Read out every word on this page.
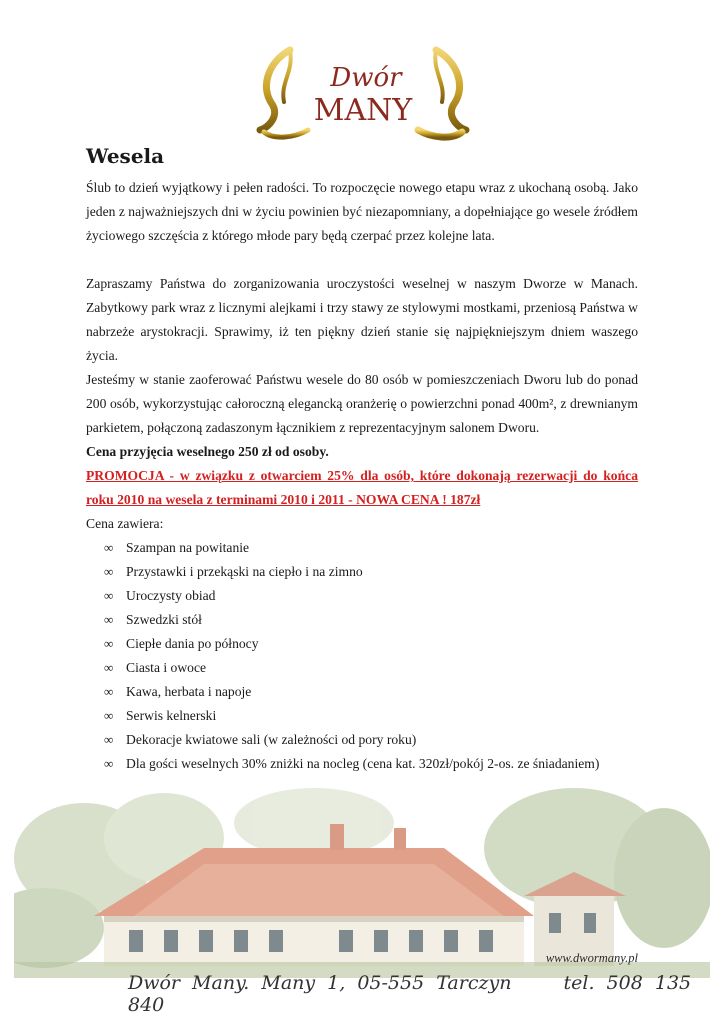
Dwór
MANY
Wesela

Ślub to dzień wyjątkowy i pełen radości. To rozpoczęcie nowego etapu wraz z ukochaną osobą. Jako jeden z najważniejszych dni w życiu powinien być niezapomniany, a dopełniające go wesele źródłem życiowego szczęścia z którego młode pary będą czerpać przez kolejne lata.

Zapraszamy Państwa do zorganizowania uroczystości weselnej w naszym Dworze w Manach. Zabytkowy park wraz z licznymi alejkami i trzy stawy ze stylowymi mostkami, przeniosą Państwa w nabrzeże arystokracji. Sprawimy, iż ten piękny dzień stanie się najpiękniejszym dniem waszego życia.

Jesteśmy w stanie zaoferować Państwu wesele do 80 osób w pomieszczeniach Dworu lub do ponad 200 osób, wykorzystując całoroczną elegancką oranżerię o powierzchni ponad 400m², z drewnianym parkietem, połączoną zadaszonym łącznikiem z reprezentacyjnym salonem Dworu.

Cena przyjęcia weselnego 250 zł od osoby.

PROMOCJA - w związku z otwarciem 25% dla osób, które dokonają rezerwacji do końca roku 2010 na wesela z terminami 2010 i 2011 - NOWA CENA ! 187zł

Cena zawiera:

∞ Szampan na powitanie
∞ Przystawki i przekąski na ciepło i na zimno
∞ Uroczysty obiad
∞ Szwedzki stół
∞ Ciepłe dania po północy
∞ Ciasta i owoce
∞ Kawa, herbata i napoje
∞ Serwis kelnerski
∞ Dekoracje kwiatowe sali (w zależności od pory roku)
∞ Dla gości weselnych 30% zniżki na nocleg (cena kat. 320zł/pokój 2-os. ze śniadaniem)
www.dwormany.pl
Dwór Many. Many 1, 05-555 Tarczyn	tel. 508 135 840
